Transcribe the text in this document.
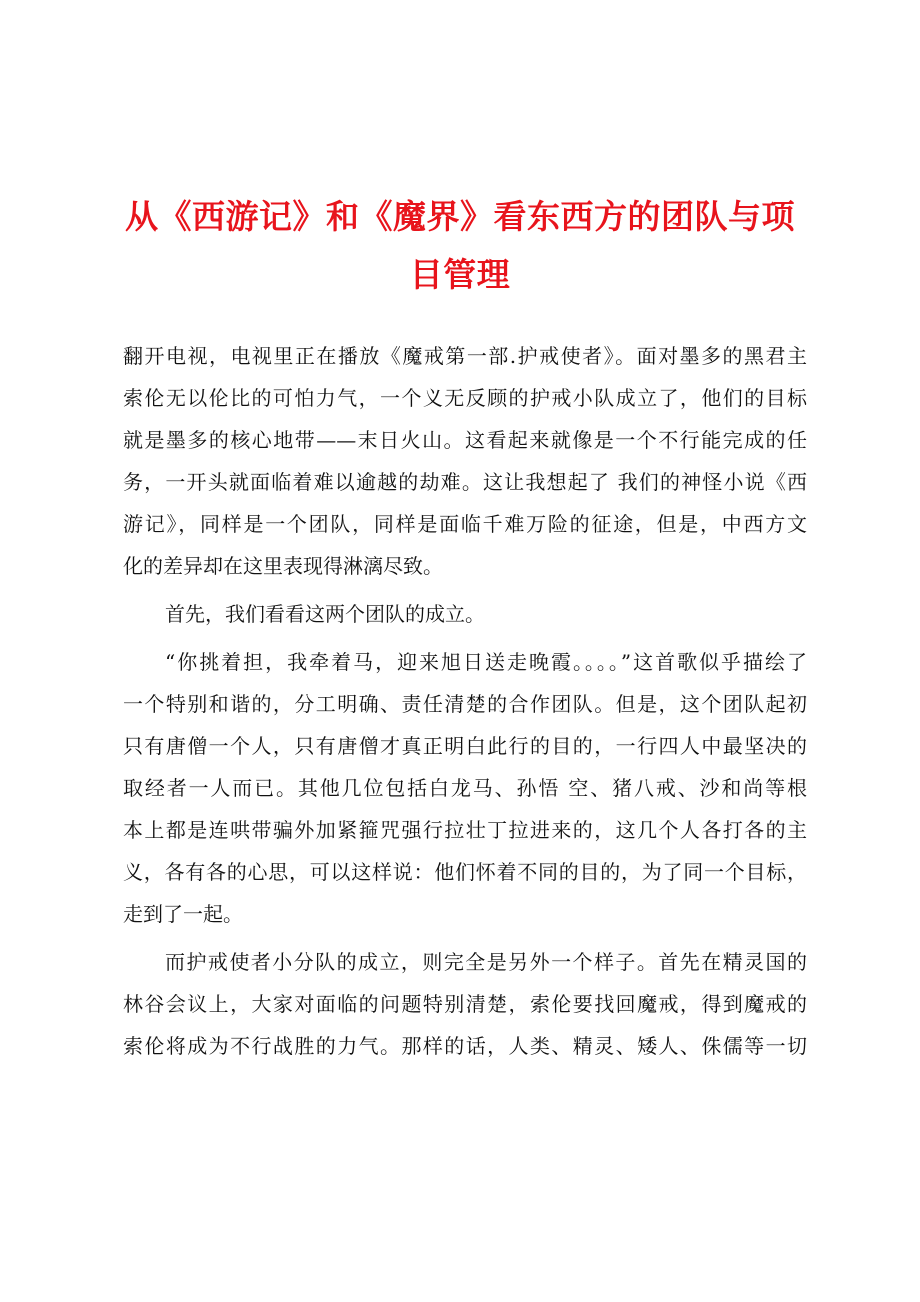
从《西游记》和《魔界》看东西方的团队与项
目管理
翻开电视，电视里正在播放《魔戒第一部.护戒使者》。面对墨多的黑君主
索伦无以伦比的可怕力气，一个义无反顾的护戒小队成立了，他们的目标
就是墨多的核心地带——末日火山。这看起来就像是一个不行能完成的任
务，一开头就面临着难以逾越的劫难。这让我想起了 我们的神怪小说《西
游记》，同样是一个团队，同样是面临千难万险的征途，但是，中西方文
化的差异却在这里表现得淋漓尽致。
首先，我们看看这两个团队的成立。
“你挑着担，我牵着马，迎来旭日送走晚霞。。。。”这首歌似乎描绘了
一个特别和谐的，分工明确、责任清楚的合作团队。但是，这个团队起初
只有唐僧一个人，只有唐僧才真正明白此行的目的，一行四人中最坚决的
取经者一人而已。其他几位包括白龙马、孙悟 空、猪八戒、沙和尚等根
本上都是连哄带骗外加紧箍咒强行拉壮丁拉进来的，这几个人各打各的主
义，各有各的心思，可以这样说：他们怀着不同的目的，为了同一个目标，
走到了一起。
而护戒使者小分队的成立，则完全是另外一个样子。首先在精灵国的
林谷会议上，大家对面临的问题特别清楚，索伦要找回魔戒，得到魔戒的
索伦将成为不行战胜的力气。那样的话，人类、精灵、矮人、侏儒等一切
